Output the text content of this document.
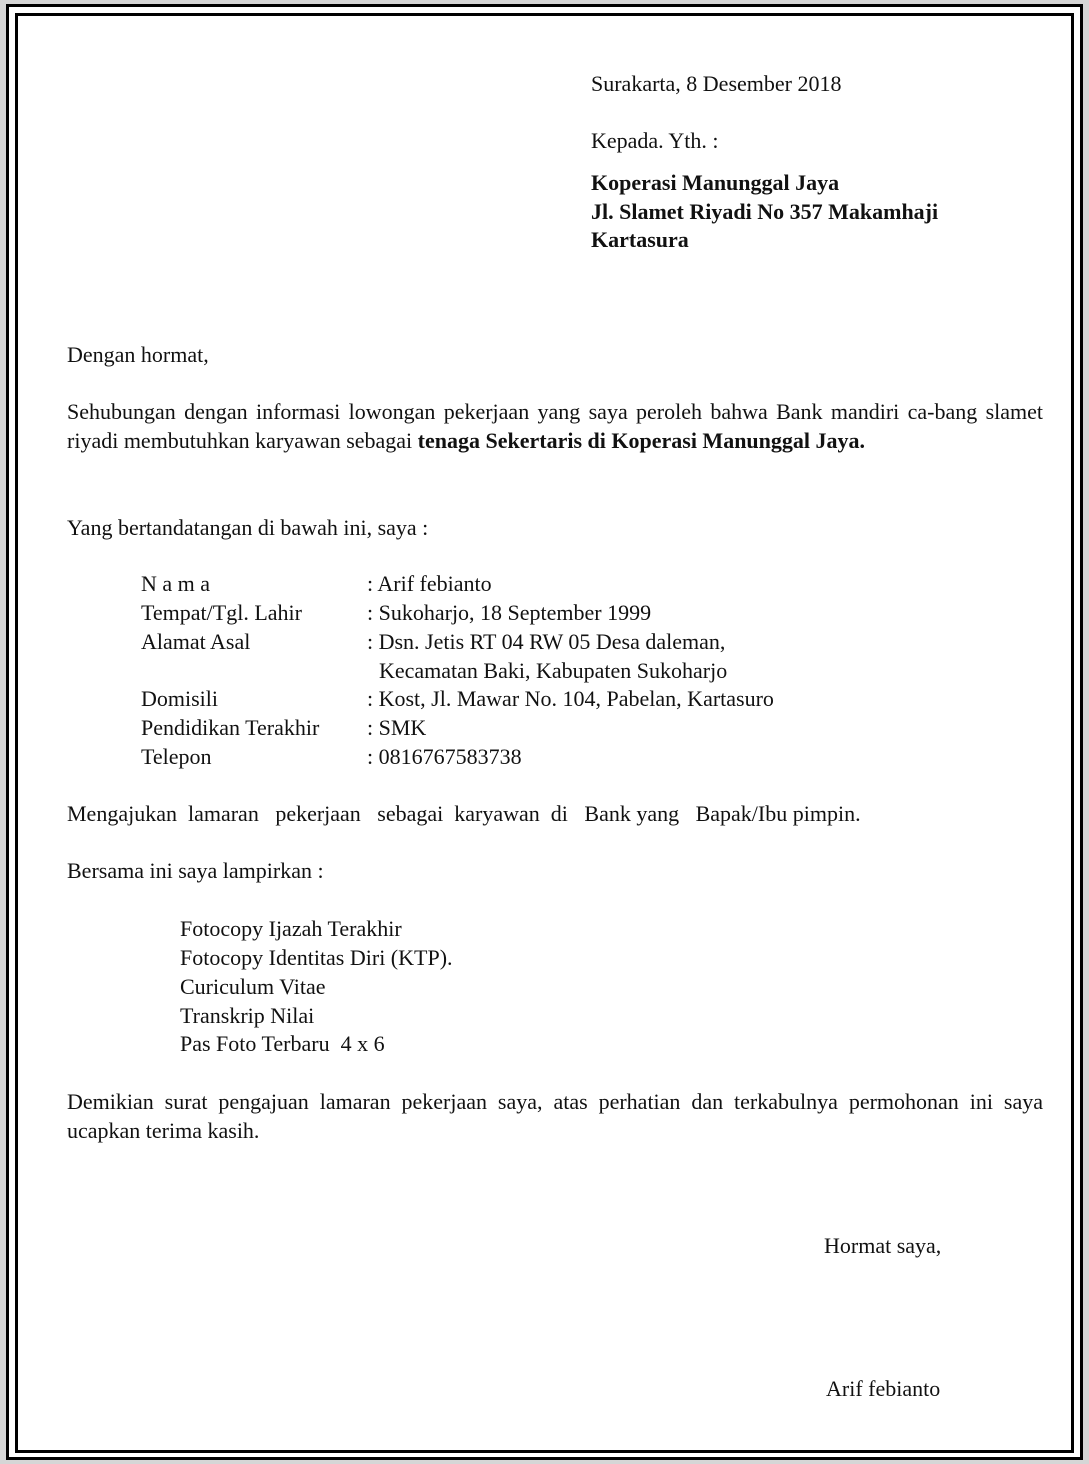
Surakarta, 8 Desember 2018
Kepada. Yth. :
Koperasi Manunggal Jaya
Jl. Slamet Riyadi No 357 Makamhaji
Kartasura
Dengan hormat,
Sehubungan dengan informasi lowongan pekerjaan yang saya peroleh bahwa Bank mandiri ca-bang slamet riyadi membutuhkan karyawan sebagai tenaga Sekertaris di Koperasi Manunggal Jaya.
Yang bertandatangan di bawah ini, saya :
N a m a	: Arif febianto
Tempat/Tgl. Lahir	: Sukoharjo, 18 September 1999
Alamat Asal	: Dsn. Jetis RT 04 RW 05 Desa daleman,
Kecamatan Baki, Kabupaten Sukoharjo
Domisili	: Kost, Jl. Mawar No. 104, Pabelan, Kartasuro
Pendidikan Terakhir : SMK
Telepon	: 0816767583738
Mengajukan  lamaran   pekerjaan   sebagai  karyawan  di   Bank yang   Bapak/Ibu pimpin.
Bersama ini saya lampirkan :
Fotocopy Ijazah Terakhir
Fotocopy Identitas Diri (KTP).
Curiculum Vitae
Transkrip Nilai
Pas Foto Terbaru  4 x 6
Demikian surat pengajuan lamaran pekerjaan saya, atas perhatian dan terkabulnya permohonan ini saya ucapkan terima kasih.
Hormat saya,
Arif febianto
